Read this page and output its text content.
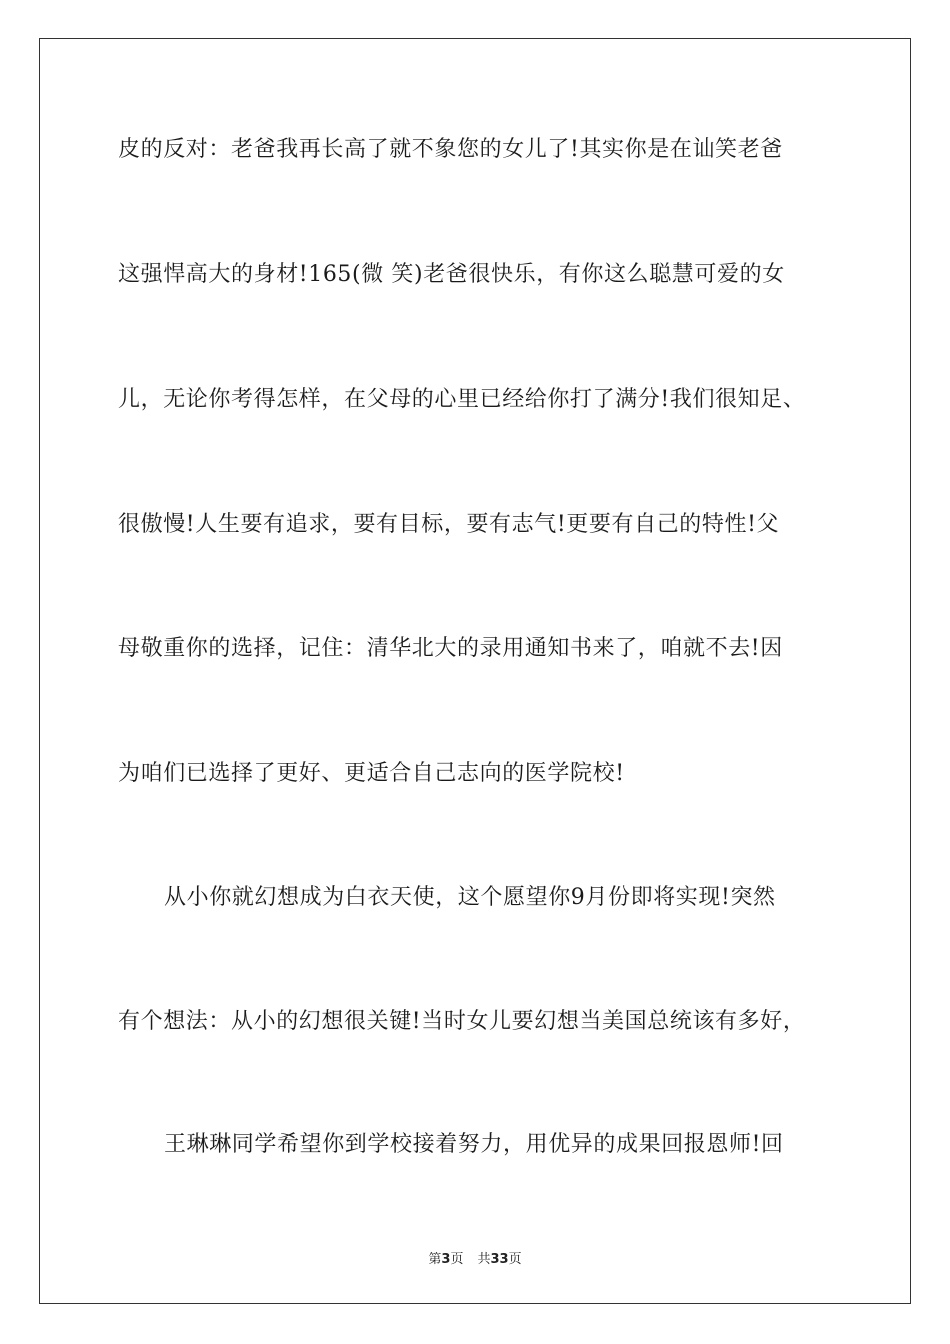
皮的反对：老爸我再长高了就不象您的女儿了!其实你是在讪笑老爸
这强悍高大的身材!165(微 笑)老爸很快乐，有你这么聪慧可爱的女
儿，无论你考得怎样，在父母的心里已经给你打了满分!我们很知足、
很傲慢!人生要有追求，要有目标，要有志气!更要有自己的特性!父
母敬重你的选择，记住：清华北大的录用通知书来了，咱就不去!因
为咱们已选择了更好、更适合自己志向的医学院校!
从小你就幻想成为白衣天使，这个愿望你9月份即将实现!突然
有个想法：从小的幻想很关键!当时女儿要幻想当美国总统该有多好，
王琳琳同学希望你到学校接着努力，用优异的成果回报恩师!回
第3页 共33页
